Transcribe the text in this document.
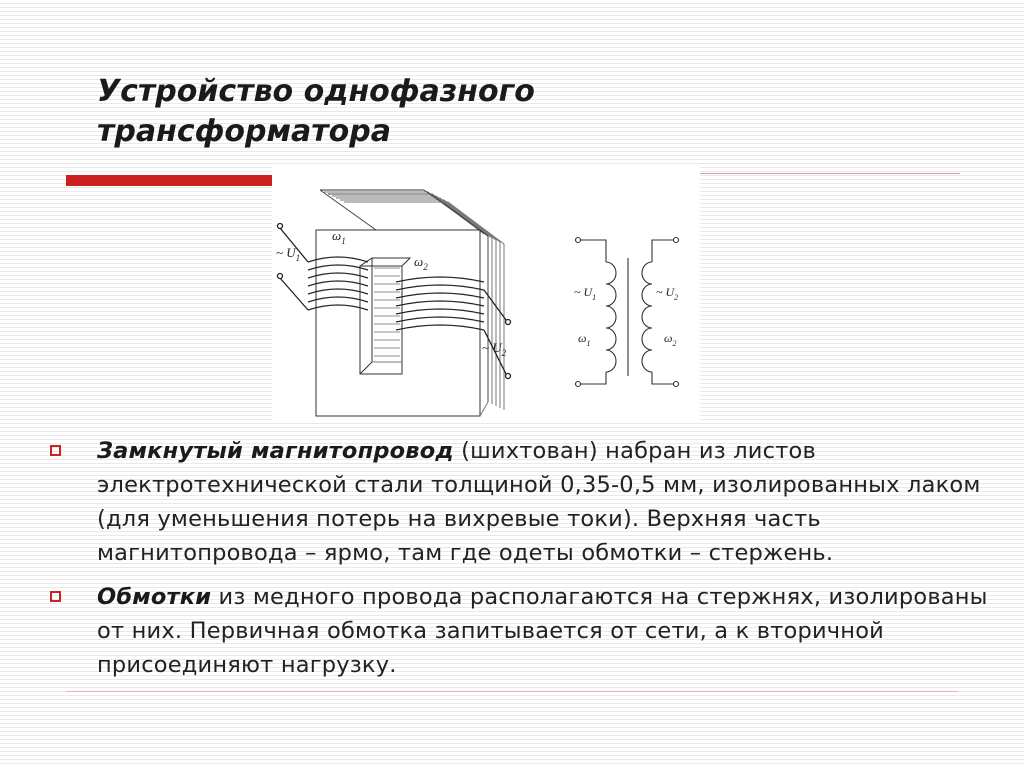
Устройство однофазного
трансформатора
~ $U_1$
$\omega_1$
$\omega_2$
~ $U_2$
~ $U_1$
$\omega_1$
~ $U_2$
$\omega_2$
Замкнутый магнитопровод (шихтован) набран из листов электротехнической стали толщиной 0,35-0,5 мм, изолированных лаком (для уменьшения потерь на вихревые токи). Верхняя часть магнитопровода – ярмо, там где одеты обмотки – стержень.
Обмотки из медного провода располагаются на стержнях, изолированы от них. Первичная обмотка запитывается от сети, а к вторичной присоединяют нагрузку.
